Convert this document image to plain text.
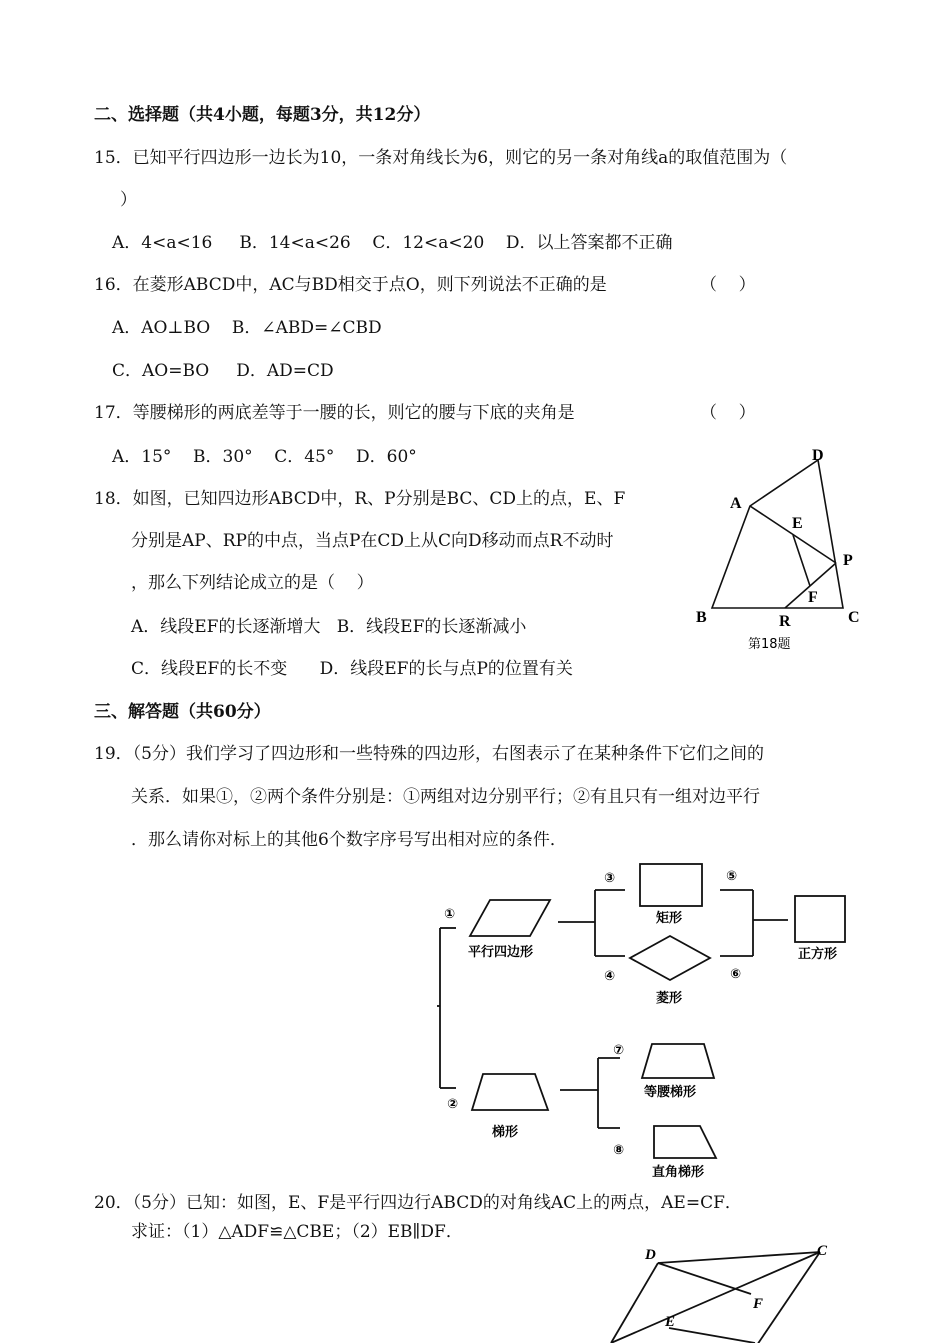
二、选择题（共4小题，每题3分，共12分）
15．已知平行四边形一边长为10，一条对角线长为6，则它的另一条对角线a的取值范围为（
）
A．4<a<16     B．14<a<26    C．12<a<20    D．以上答案都不正确
16．在菱形ABCD中，AC与BD相交于点O，则下列说法不正确的是	（    ）
A．AO⊥BO    B．∠ABD=∠CBD
C．AO=BO     D．AD=CD
17．等腰梯形的两底差等于一腰的长，则它的腰与下底的夹角是	（    ）
A．15°    B．30°    C．45°    D．60°
18．如图，已知四边形ABCD中，R、P分别是BC、CD上的点，E、F
分别是AP、RP的中点，当点P在CD上从C向D移动而点R不动时
，那么下列结论成立的是（    ）
A．线段EF的长逐渐增大   B．线段EF的长逐渐减小
C．线段EF的长不变      D．线段EF的长与点P的位置有关
D
A
E
P
F
B	R	C
第18题
三、解答题（共60分）
19．（5分）我们学习了四边形和一些特殊的四边形，右图表示了在某种条件下它们之间的
关系．如果①，②两个条件分别是：①两组对边分别平行；②有且只有一组对边平行
．那么请你对标上的其他6个数字序号写出相对应的条件．
①
②
③
④
⑤
⑥
⑦
⑧
平行四边形
矩形
菱形
正方形
梯形
等腰梯形
直角梯形
20．（5分）已知：如图，E、F是平行四边行ABCD的对角线AC上的两点，AE=CF．
求证：（1）△ADF≌△CBE；（2）EB∥DF．
D	C
F
E
